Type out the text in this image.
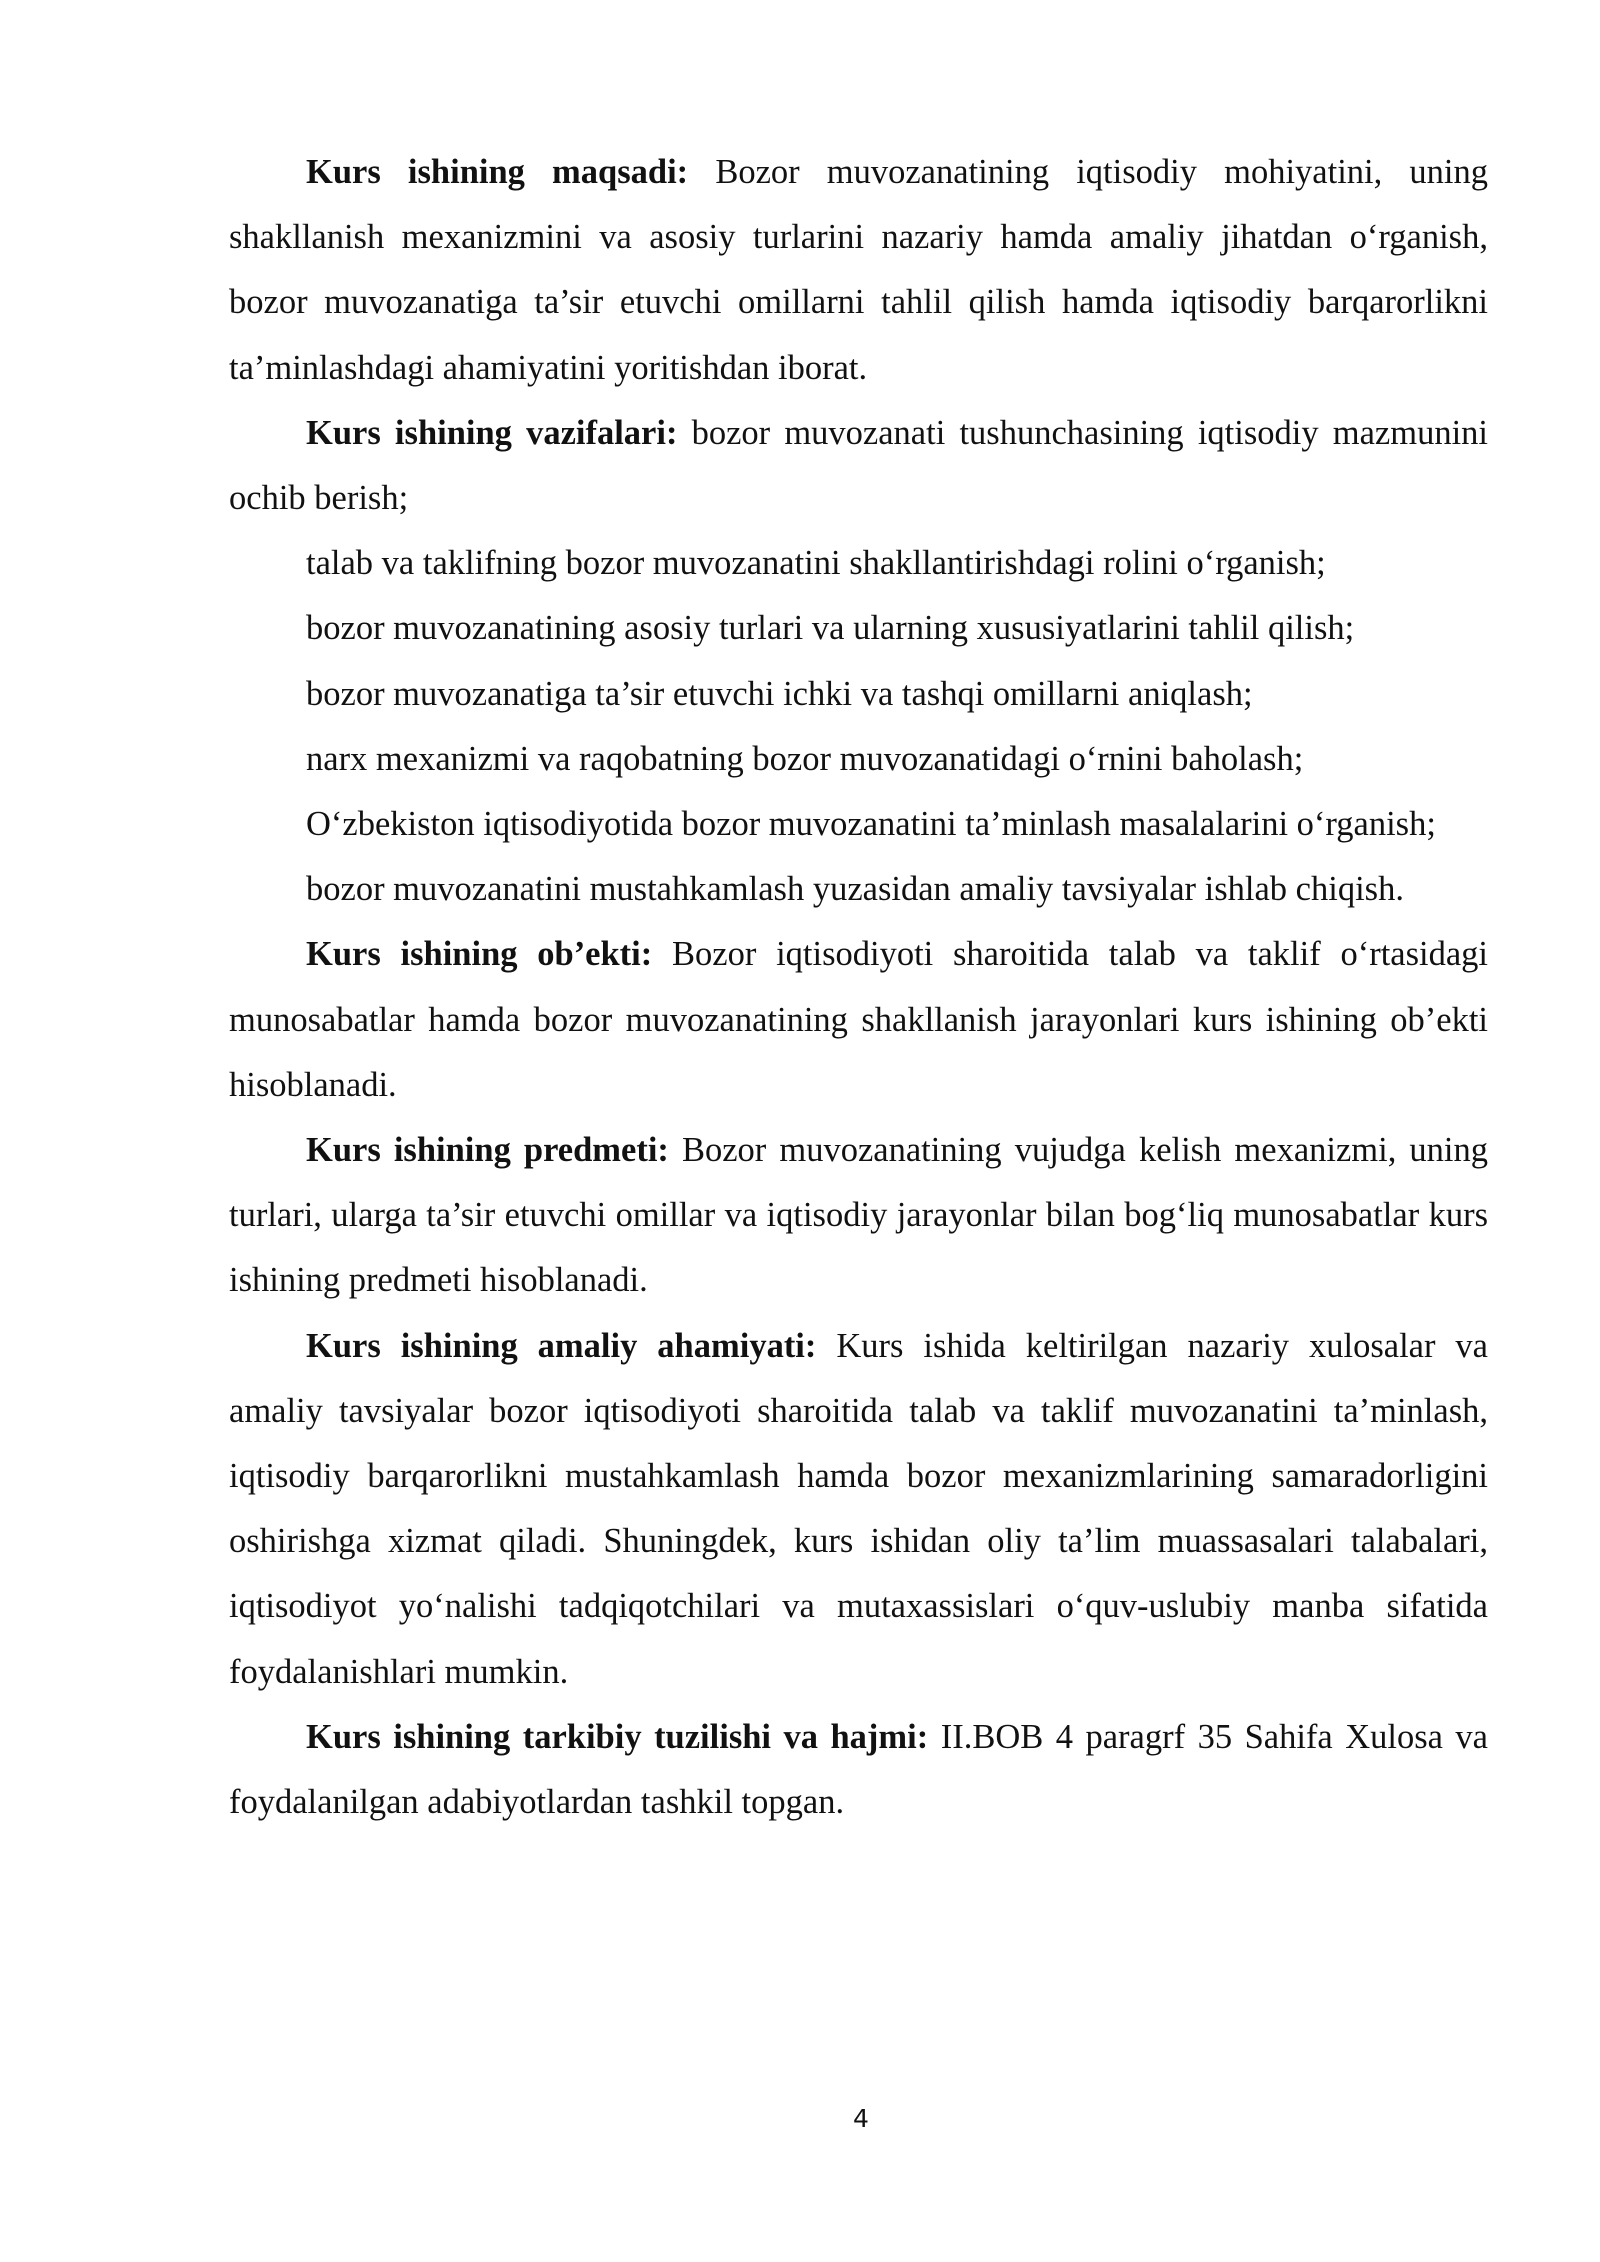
Kurs ishining maqsadi: Bozor muvozanatining iqtisodiy mohiyatini, uning shakllanish mexanizmini va asosiy turlarini nazariy hamda amaliy jihatdan o‘rganish, bozor muvozanatiga ta’sir etuvchi omillarni tahlil qilish hamda iqtisodiy barqarorlikni ta’minlashdagi ahamiyatini yoritishdan iborat.

Kurs ishining vazifalari: bozor muvozanati tushunchasining iqtisodiy mazmunini ochib berish;

talab va taklifning bozor muvozanatini shakllantirishdagi rolini o‘rganish;

bozor muvozanatining asosiy turlari va ularning xususiyatlarini tahlil qilish;

bozor muvozanatiga ta’sir etuvchi ichki va tashqi omillarni aniqlash;

narx mexanizmi va raqobatning bozor muvozanatidagi o‘rnini baholash;

O‘zbekiston iqtisodiyotida bozor muvozanatini ta’minlash masalalarini o‘rganish;

bozor muvozanatini mustahkamlash yuzasidan amaliy tavsiyalar ishlab chiqish.

Kurs ishining ob’ekti: Bozor iqtisodiyoti sharoitida talab va taklif o‘rtasidagi munosabatlar hamda bozor muvozanatining shakllanish jarayonlari kurs ishining ob’ekti hisoblanadi.

Kurs ishining predmeti: Bozor muvozanatining vujudga kelish mexanizmi, uning turlari, ularga ta’sir etuvchi omillar va iqtisodiy jarayonlar bilan bog‘liq munosabatlar kurs ishining predmeti hisoblanadi.

Kurs ishining amaliy ahamiyati: Kurs ishida keltirilgan nazariy xulosalar va amaliy tavsiyalar bozor iqtisodiyoti sharoitida talab va taklif muvozanatini ta’minlash, iqtisodiy barqarorlikni mustahkamlash hamda bozor mexanizmlarining samaradorligini oshirishga xizmat qiladi. Shuningdek, kurs ishidan oliy ta’lim muassasalari talabalari, iqtisodiyot yo‘nalishi tadqiqotchilari va mutaxassislari o‘quv-uslubiy manba sifatida foydalanishlari mumkin.

Kurs ishining tarkibiy tuzilishi va hajmi: II.BOB 4 paragrf 35 Sahifa Xulosa va foydalanilgan adabiyotlardan tashkil topgan.

4
